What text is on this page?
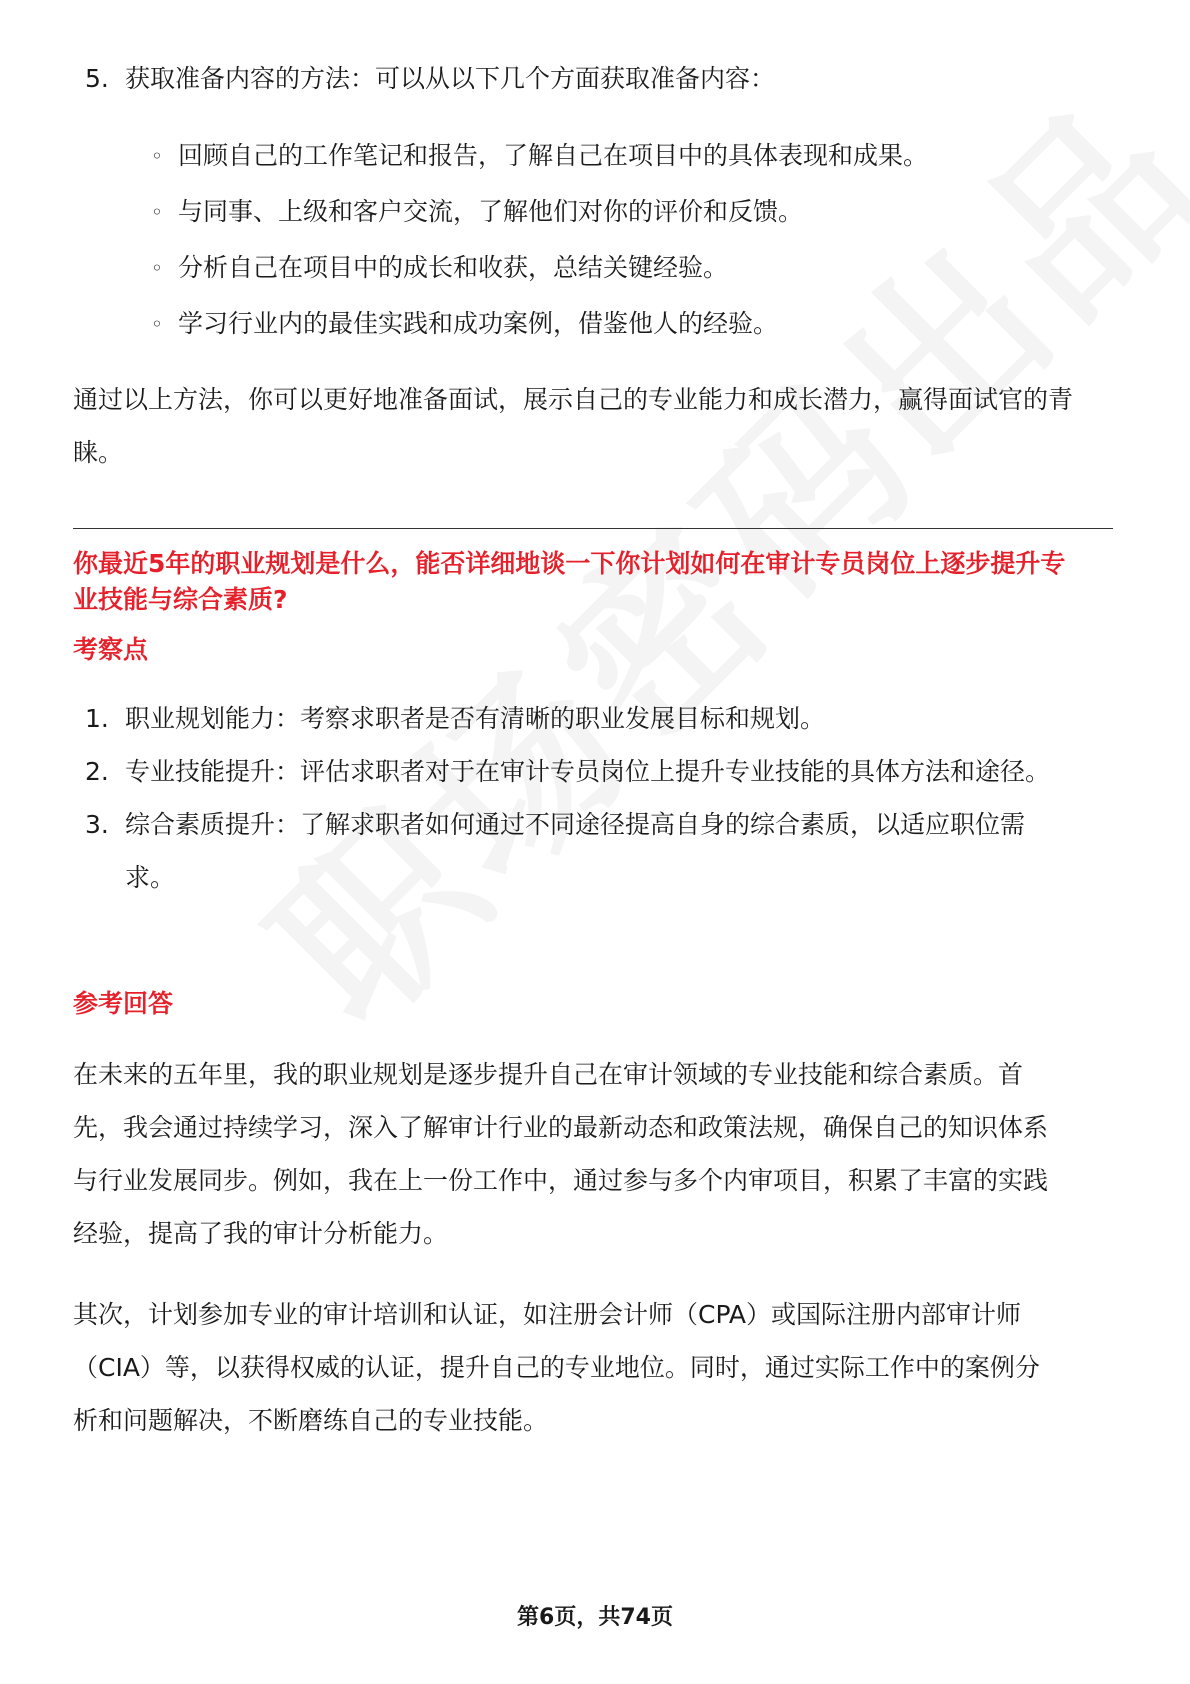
5. 获取准备内容的方法：可以从以下几个方面获取准备内容：
◦ 回顾自己的工作笔记和报告，了解自己在项目中的具体表现和成果。
◦ 与同事、上级和客户交流，了解他们对你的评价和反馈。
◦ 分析自己在项目中的成长和收获，总结关键经验。
◦ 学习行业内的最佳实践和成功案例，借鉴他人的经验。

通过以上方法，你可以更好地准备面试，展示自己的专业能力和成长潜力，赢得面试官的青睐。

你最近5年的职业规划是什么，能否详细地谈一下你计划如何在审计专员岗位上逐步提升专业技能与综合素质?
考察点
1. 职业规划能力：考察求职者是否有清晰的职业发展目标和规划。
2. 专业技能提升：评估求职者对于在审计专员岗位上提升专业技能的具体方法和途径。
3. 综合素质提升：了解求职者如何通过不同途径提高自身的综合素质，以适应职位需求。
参考回答

在未来的五年里，我的职业规划是逐步提升自己在审计领域的专业技能和综合素质。首先，我会通过持续学习，深入了解审计行业的最新动态和政策法规，确保自己的知识体系与行业发展同步。例如，我在上一份工作中，通过参与多个内审项目，积累了丰富的实践经验，提高了我的审计分析能力。

其次，计划参加专业的审计培训和认证，如注册会计师（CPA）或国际注册内部审计师（CIA）等，以获得权威的认证，提升自己的专业地位。同时，通过实际工作中的案例分析和问题解决，不断磨练自己的专业技能。

第6页，共74页
